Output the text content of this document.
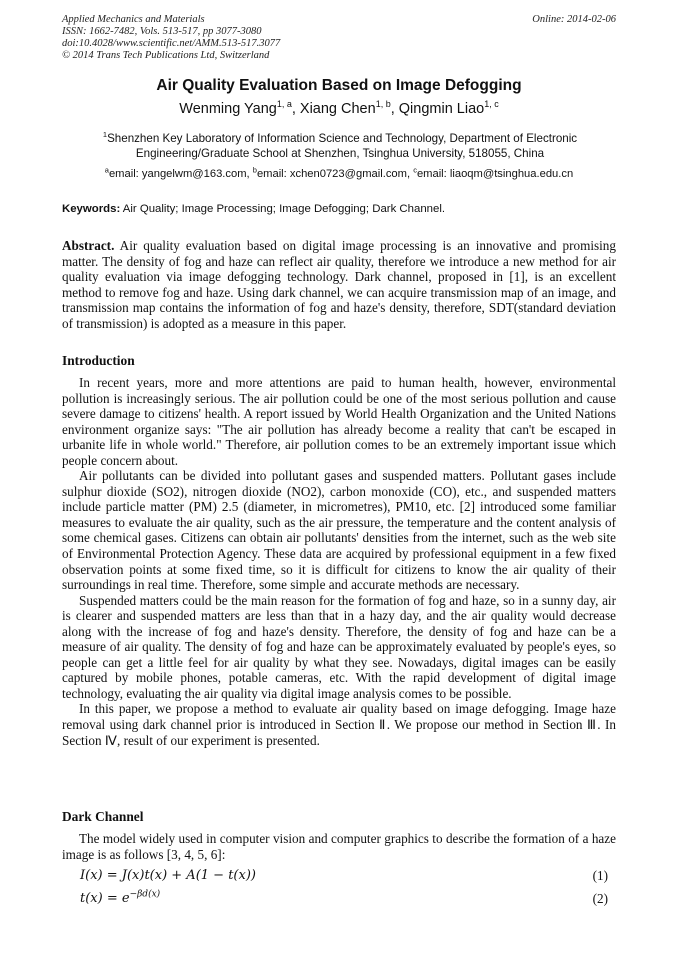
Applied Mechanics and Materials
ISSN: 1662-7482, Vols. 513-517, pp 3077-3080
doi:10.4028/www.scientific.net/AMM.513-517.3077
© 2014 Trans Tech Publications Ltd, Switzerland
Online: 2014-02-06
Air Quality Evaluation Based on Image Defogging
Wenming Yang$^{1, a}$, Xiang Chen$^{1, b}$, Qingmin Liao$^{1, c}$
$^1$Shenzhen Key Laboratory of Information Science and Technology, Department of Electronic Engineering/Graduate School at Shenzhen, Tsinghua University, 518055, China
$^a$email: yangelwm@163.com, $^b$email: xchen0723@gmail.com, $^c$email: liaoqm@tsinghua.edu.cn
Keywords: Air Quality; Image Processing; Image Defogging; Dark Channel.

Abstract. Air quality evaluation based on digital image processing is an innovative and promising matter. The density of fog and haze can reflect air quality, therefore we introduce a new method for air quality evaluation via image defogging technology. Dark channel, proposed in [1], is an excellent method to remove fog and haze. Using dark channel, we can acquire transmission map of an image, and transmission map contains the information of fog and haze's density, therefore, SDT(standard deviation of transmission) is adopted as a measure in this paper.

Introduction

In recent years, more and more attentions are paid to human health, however, environmental pollution is increasingly serious. The air pollution could be one of the most serious pollution and cause severe damage to citizens' health. A report issued by World Health Organization and the United Nations environment organize says: "The air pollution has already become a reality that can't be escaped in urbanite life in whole world." Therefore, air pollution comes to be an extremely important issue which people concern about.

Air pollutants can be divided into pollutant gases and suspended matters. Pollutant gases include sulphur dioxide (SO2), nitrogen dioxide (NO2), carbon monoxide (CO), etc., and suspended matters include particle matter (PM) 2.5 (diameter, in micrometres), PM10, etc. [2] introduced some familiar measures to evaluate the air quality, such as the air pressure, the temperature and the content analysis of some chemical gases. Citizens can obtain air pollutants' densities from the internet, such as the web site of Environmental Protection Agency. These data are acquired by professional equipment in a few fixed observation points at some fixed time, so it is difficult for citizens to know the air quality of their surroundings in real time. Therefore, some simple and accurate methods are necessary.

Suspended matters could be the main reason for the formation of fog and haze, so in a sunny day, air is clearer and suspended matters are less than that in a hazy day, and the air quality would decrease along with the increase of fog and haze's density. Therefore, the density of fog and haze can be a measure of air quality. The density of fog and haze can be approximately evaluated by people's eyes, so people can get a little feel for air quality by what they see. Nowadays, digital images can be easily captured by mobile phones, potable cameras, etc. With the rapid development of digital image technology, evaluating the air quality via digital image analysis comes to be possible.

In this paper, we propose a method to evaluate air quality based on image defogging. Image haze removal using dark channel prior is introduced in Section Ⅱ. We propose our method in Section Ⅲ. In Section Ⅳ, result of our experiment is presented.

Dark Channel

The model widely used in computer vision and computer graphics to describe the formation of a haze image is as follows [3, 4, 5, 6]:

I(x) = J(x)t(x) + A(1 − t(x))	(1)
$t(x) = e^{-\beta d(x)}$	(2)
